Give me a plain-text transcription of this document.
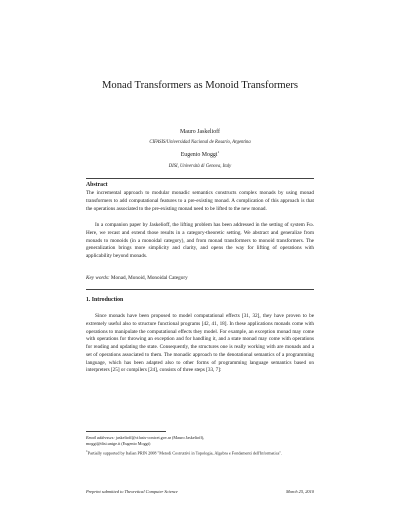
Monad Transformers as Monoid Transformers
Mauro Jaskelioff
CIFASIS/Universidad Nacional de Rosario, Argentina
Eugenio Moggi$^1$
DISI, Università di Genova, Italy
Abstract
The incremental approach to modular monadic semantics constructs complex monads by using monad transformers to add computational features to a pre-existing monad. A complication of this approach is that the operations associated to the pre-existing monad need to be lifted to the new monad.
In a companion paper by Jaskelioff, the lifting problem has been addressed in the setting of system Fω. Here, we recast and extend those results in a category-theoretic setting. We abstract and generalize from monads to monoids (in a monoidal category), and from monad transformers to monoid transformers. The generalization brings more simplicity and clarity, and opens the way for lifting of operations with applicability beyond monads.
Key words: Monad, Monoid, Monoidal Category
1. Introduction
Since monads have been proposed to model computational effects [31, 32], they have proven to be extremely useful also to structure functional programs [42, 41, 18]. In these applications monads come with operations to manipulate the computational effects they model. For example, an exception monad may come with operations for throwing an exception and for handling it, and a state monad may come with operations for reading and updating the state. Consequently, the structures one is really working with are monads and a set of operations associated to them. The monadic approach to the denotational semantics of a programming language, which has been adapted also to other forms of programming language semantics based on interpreters [25] or compilers [24], consists of three steps [33, 7]:
Email addresses: jaskelioff@cifasis-conicet.gov.ar (Mauro Jaskelioff),
moggi@disi.unige.it (Eugenio Moggi)
$^1$Partially supported by Italian PRIN 2008 "Metodi Costruttivi in Topologia, Algebra e Fondamenti dell'Informatica".
Preprint submitted to Theoretical Computer Science	March 25, 2010
